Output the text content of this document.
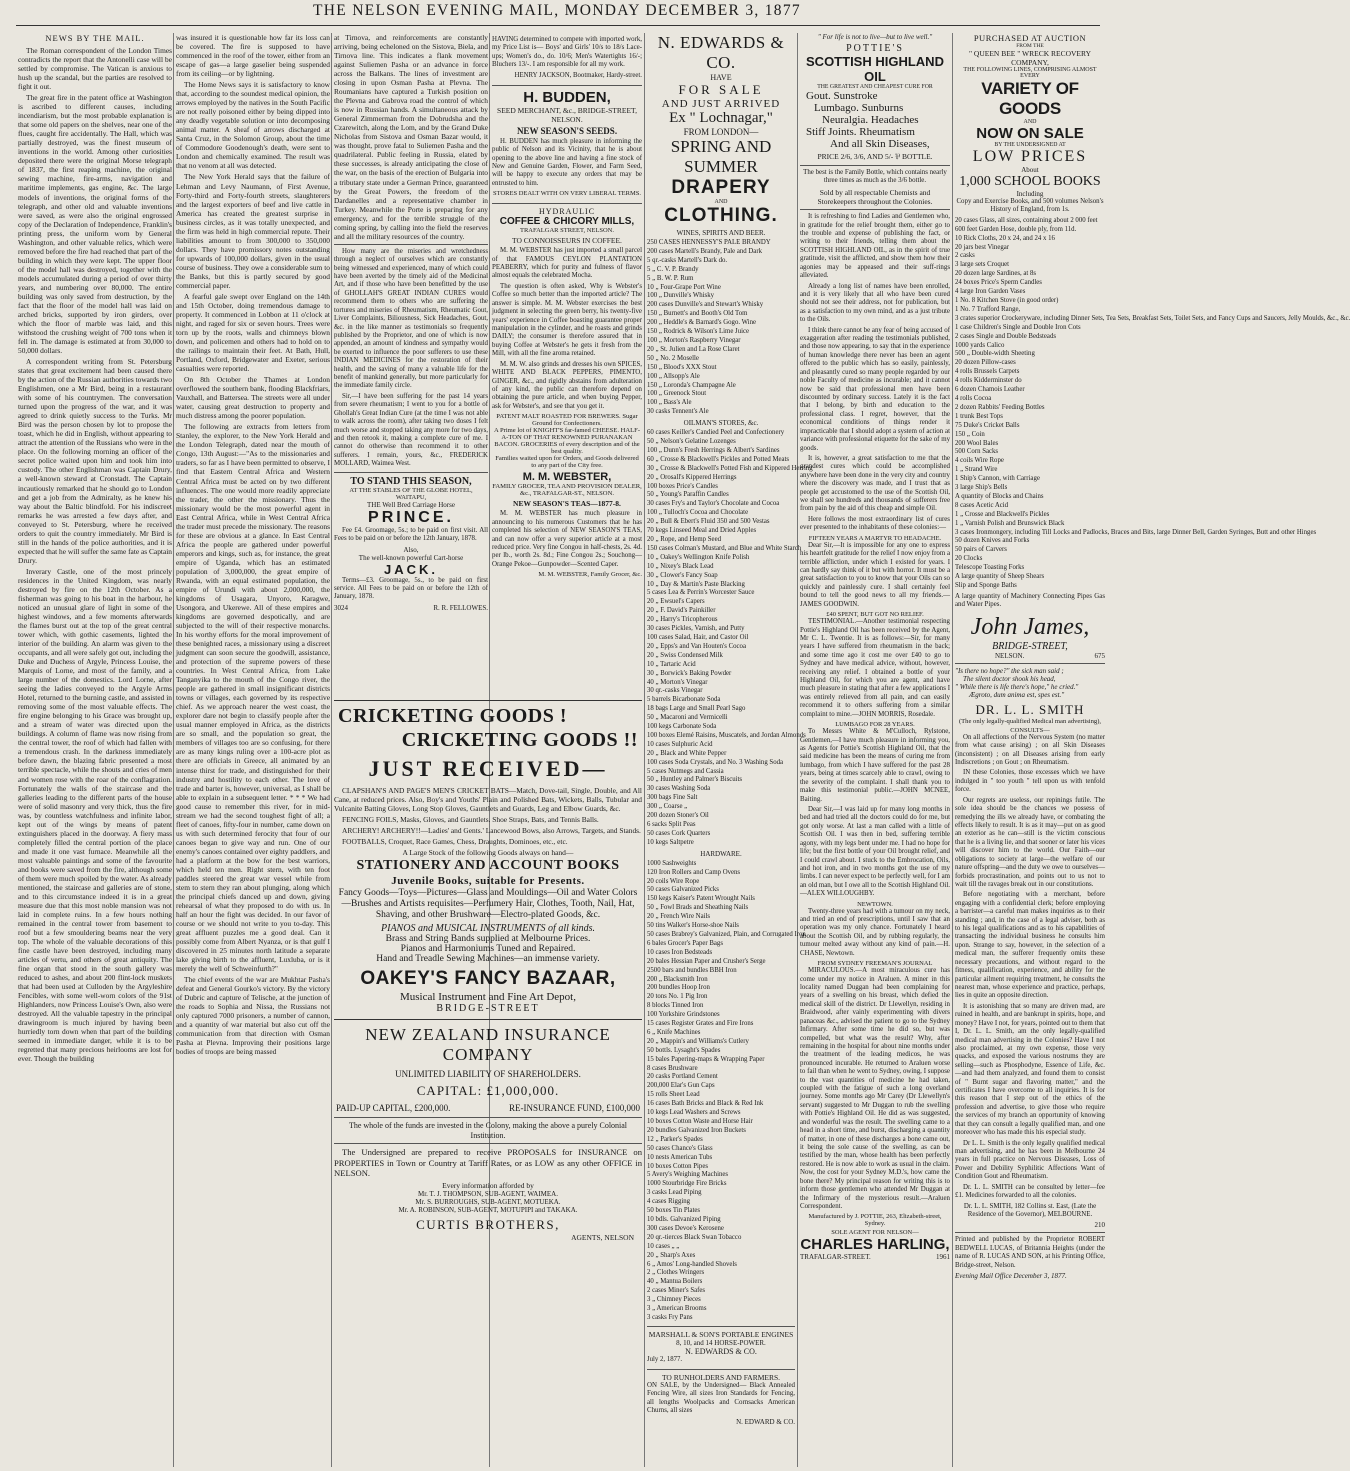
THE NELSON EVENING MAIL, MONDAY DECEMBER 3, 1877
NEWS BY THE MAIL.

The Roman correspondent of the London Times contradicts the report that the Antonelli case will be settled by compromise. The Vatican is anxious to hush up the scandal, but the parties are resolved to fight it out.

The great fire in the patent office at Washington is ascribed to different causes, including incendiarism, but the most probable explanation is that some old papers on the shelves, near one of the flues, caught fire accidentally. The Hall, which was partially destroyed, was the finest museum of inventions in the world. Among other curiosities deposited there were the original Morse telegraph of 1837, the first reaping machine, the original sewing machine, fire-arms, navigation and maritime implements, gas engine, &c. The large models of inventions, the original forms of the telegraph, and other old and valuable inventions were saved, as were also the original engrossed copy of the Declaration of Independence, Franklin's printing press, the uniform worn by General Washington, and other valuable relics, which were removed before the fire had reached that part of the building in which they were kept. The upper floor of the model hall was destroyed, together with the models accumulated during a period of over thirty years, and numbering over 80,000. The entire building was only saved from destruction, by the fact that the floor of the model hall was laid on arched bricks, supported by iron girders, over which the floor of marble was laid, and this withstood the crushing weight of 700 tons when it fell in. The damage is estimated at from 30,000 to 50,000 dollars.

A correspondent writing from St. Petersburg states that great excitement had been caused there by the action of the Russian authorities towards two Englishmen, one a Mr Bird, being in a restaurant with some of his countrymen. The conversation turned upon the progress of the war, and it was agreed to drink quietly success to the Turks. Mr Bird was the person chosen by lot to propose the toast, which he did in English, without appearing to attract the attention of the Russians who were in the place. On the following morning an officer of the secret police waited upon him and took him into custody. The other Englishman was Captain Drury, a well-known steward at Cronstadt. The Captain incautiously remarked that he should go to London and get a job from the Admiralty, as he knew his way about the Baltic blindfold. For his indiscreet remarks he was arrested a few days after, and conveyed to St. Petersburg, where he received orders to quit the country immediately. Mr Bird is still in the hands of the police authorities, and it is expected that he will suffer the same fate as Captain Drury.

Inverary Castle, one of the most princely residences in the United Kingdom, was nearly destroyed by fire on the 12th October. As a fisherman was going to his boat in the harbour, he noticed an unusual glare of light in some of the highest windows, and a few moments afterwards the flames burst out at the top of the great central tower which, with gothic casements, lighted the interior of the building. An alarm was given to the occupants, and all were safely got out, including the Duke and Duchess of Argyle, Princess Louise, the Marquis of Lorne, and most of the family, and a large number of the domestics. Lord Lorne, after seeing the ladies conveyed to the Argyle Arms Hotel, returned to the burning castle, and assisted in removing some of the most valuable effects. The fire engine belonging to his Grace was brought up, and a stream of water was directed upon the buildings. A column of flame was now rising from the central tower, the roof of which had fallen with a tremendous crash. In the darkness immediately before dawn, the blazing fabric presented a most terrible spectacle, while the shouts and cries of men and women rose with the roar of the conflagration. Fortunately the walls of the staircase and the galleries leading to the different parts of the house were of solid masonry and very thick, thus the fire was, by countless watchfulness and infinite labor, kept out of the wings by means of patent extinguishers placed in the doorway. A fiery mass completely filled the central portion of the place and made it one vast furnace. Meanwhile all the most valuable paintings and some of the favourite and books were saved from the fire, although some of them were much spoiled by the water. As already mentioned, the staircase and galleries are of stone, and to this circumstance indeed it is in a great measure due that this most noble mansion was not laid in complete ruins. In a few hours nothing remained in the central tower from basement to roof but a few smouldering beams near the very top. The whole of the valuable decorations of this fine castle have been destroyed, including many articles of vertu, and others of great antiquity. The fine organ that stood in the south gallery was reduced to ashes, and about 200 flint-lock muskets that had been used at Culloden by the Argyleshire Fencibles, with some well-worn colors of the 91st Highlanders, now Princess Louise's Own, also were destroyed. All the valuable tapestry in the principal drawingroom is much injured by having been hurriedly torn down when that part of the building seemed in immediate danger, while it is to be regretted that many precious heirlooms are lost for ever. Though the building

was insured it is questionable how far its loss can be covered. The fire is supposed to have commenced in the roof of the tower, either from an escape of gas—a large gaselier being suspended from its ceiling—or by lightning.

The Home News says it is satisfactory to know that, according to the soundest medical opinion, the arrows employed by the natives in the South Pacific are not really poisoned either by being dipped into any deadly vegetable solution or into decomposing animal matter. A sheaf of arrows discharged at Santa Cruz, in the Solomon Group, about the time of Commodore Goodenough's death, were sent to London and chemically examined. The result was that no venom at all was detected.

The New York Herald says that the failure of Lehman and Levy Naumann, of First Avenue, Forty-third and Forty-fourth streets, slaughterers and the largest exporters of beef and live cattle in America has created the greatest surprise in business circles, as it was totally unexpected, and the firm was held in high commercial repute. Their liabilities amount to from 300,000 to 350,000 dollars. They have promissory notes outstanding for upwards of 100,000 dollars, given in the usual course of business. They owe a considerable sum to the Banks, but this is partly secured by good commercial paper.

A fearful gale swept over England on the 14th and 15th October, doing tremendous damage to property. It commenced in Lobbon at 11 o'clock at night, and raged for six or seven hours. Trees were torn up by the roots, walls and chimneys blown down, and policemen and others had to hold on to the railings to maintain their feet. At Bath, Hull, Portland, Oxford, Bridgewater and Exeter, serious casualties were reported.

On 8th October the Thames at London overflowed the southern bank, flooding Blackfriars, Vauxhall, and Battersea. The streets were all under water, causing great destruction to property and much distress among the poorer population.

The following are extracts from letters from Stanley, the explorer, to the New York Herald and the London Telegraph, dated near the mouth of Congo, 13th August:—"As to the missionaries and traders, so far as I have been permitted to observe, I find that Eastern Central Africa and Western Central Africa must be acted on by two different influences. The one would more readily appreciate the trader, the other the missionary. Thus the missionary would be the most powerful agent in East Central Africa, while in West Central Africa the trader must precede the missionary. The reasons for these are obvious at a glance. In East Central Africa the people are gathered under powerful emperors and kings, such as, for instance, the great empire of Uganda, which has an estimated population of 3,000,000, the great empire of Rwanda, with an equal estimated population, the empire of Urundi with about 2,000,000, the kingdoms of Usagara, Unyoro, Karagwe, Usongora, and Ukerewe. All of these empires and kingdoms are governed despotically, and are subjected to the will of their respective monarchs. In his worthy efforts for the moral improvement of these benighted races, a missionary using a discreet judgment can soon secure the goodwill, assistance, and protection of the supreme powers of these countries. In West Central Africa, from Lake Tanganyika to the mouth of the Congo river, the people are gathered in small insignificant districts towns or villages, each governed by its respective chief. As we approach nearer the west coast, the explorer dare not begin to classify people after the usual manner employed in Africa, as the districts are so small, and the population so great, the members of villages too are so confusing, for there are as many kings ruling over a 100-acre plot as there are officials in Greece, all animated by an intense thirst for trade, and distinguished for their industry and hostility to each other. The love of trade and barter is, however, universal, as I shall be able to explain in a subsequent letter. * * * We had good cause to remember this river, for in mid-stream we had the second toughest fight of all; a fleet of canoes, fifty-four in number, came down on us with such determined ferocity that four of our canoes began to give way and run. One of our enemy's canoes contained over eighty paddlers, and had a platform at the bow for the best warriors, which held ten men. Right stern, with ten foot paddles steered the great war vessel while from stem to stern they ran about plunging, along which the principal chiefs danced up and down, giving rehearsal of what they proposed to do with us. In half an hour the fight was decided. In our favor of course or we should not write to you to-day. This great affluent puzzles me a good deal. Can it possibly come from Albert Nyanza, or is that gulf I discovered in 25 minutes north latitude a separate lake giving birth to the affluent, Luxluba, or is it merely the well of Schweinfurth?"

The chief events of the war are Mukhtar Pasha's defeat and General Gourko's victory. By the victory of Dubric and capture of Telische, at the junction of the roads to Sophia and Nissa, the Russians not only captured 7000 prisoners, a number of cannon, and a quantity of war material but also cut off the communication from that direction with Osman Pasha at Plevna. Improving their positions large bodies of troops are being massed

at Tirnova, and reinforcements are constantly arriving, being echeloned on the Sistova, Biela, and Tirnova line. This indicates a flank movement against Suliemen Pasha or an advance in force across the Balkans. The lines of investment are closing in upon Osman Pasha at Plevna. The Roumanians have captured a Turkish position on the Plevna and Gabrova road the control of which is now in Russian hands. A simultaneous attack by General Zimmerman from the Dobrudsha and the Czarewitch, along the Lom, and by the Grand Duke Nicholas from Sistova and Osman Bazar would, it was thought, prove fatal to Suliemen Pasha and the quadrilateral. Public feeling in Russia, elated by these successes, is already anticipating the close of the war, on the basis of the erection of Bulgaria into a tributary state under a German Prince, guaranteed by the Great Powers, the freedom of the Dardanelles and a representative chamber in Turkey. Meanwhile the Porte is preparing for any emergency, and for the terrible struggle of the coming spring, by calling into the field the reserves and all the military resources of the country.

How many are the miseries and wretchedness through a neglect of ourselves which are constantly being witnessed and experienced, many of which could have been averted by the timely aid of the Medicinal Art, and if those who have been benefitted by the use of GHOLLAH'S GREAT INDIAN CURES would recommend them to others who are suffering the tortures and miseries of Rheumatism, Rheumatic Gout, Liver Complaints, Biliousness, Sick Headaches, Gout, &c. in the like manner as testimonials so frequently published by the Proprietor, and one of which is now appended, an amount of kindness and sympathy would be exerted to influence the poor sufferers to use these INDIAN MEDICINES for the restoration of their health, and the saving of many a valuable life for the benefit of mankind generally, but more particularly for the immediate family circle.

Sir,—I have been suffering for the past 14 years from severe rheumatism; I went to you for a bottle of Ghollah's Great Indian Cure (at the time I was not able to walk across the room), after taking two doses I felt much worse and stopped taking any more for two days, and then retook it, making a complete cure of me. I cannot do otherwise than recommend it to other sufferers. I remain, yours, &c., FREDERICK MOLLARD, Waimea West.

TO STAND THIS SEASON,
AT THE STABLES OF THE GLOBE HOTEL, WAITAPU,
THE Well Bred Carriage Horse
PRINCE.
Fee £4. Groomage, 5s.; to be paid on first visit. All Fees to be paid on or before the 12th January, 1878.
Also,
The well-known powerful Cart-horse
JACK.
Terms—£3. Groomage, 5s., to be paid on first service. All Fees to be paid on or before the 12th of January, 1878.
3024	R. R. FELLOWES.
HAVING determined to compete with imported work, my Price List is— Boys' and Girls' 10/s to 18/s Lace-ups; Women's do., do. 10/6; Men's Watertights 16/-; Bluchers 13/-. I am responsible for all my work.
HENRY JACKSON, Bootmaker, Hardy-street.
H. BUDDEN,
SEED MERCHANT, &c., BRIDGE-STREET, NELSON.
NEW SEASON'S SEEDS.
H. BUDDEN has much pleasure in informing the public of Nelson and its Vicinity, that he is about opening to the above line and having a fine stock of New and Genuine Garden, Flower, and Farm Seed, will be happy to execute any orders that may be entrusted to him.
STORES DEALT WITH ON VERY LIBERAL TERMS.
HYDRAULIC
COFFEE & CHICORY MILLS,
TRAFALGAR STREET, NELSON.
TO CONNOISSEURS IN COFFEE.
M. M. WEBSTER has just imported a small parcel of that FAMOUS CEYLON PLANTATION PEABERRY, which for purity and fulness of flavor almost equals the celebrated Mocha.
The question is often asked, Why is Webster's Coffee so much better than the imported article? The answer is simple. M. M. Webster exercises the best judgment in selecting the green berry, his twenty-five years' experience in Coffee boasting guarantee proper manipulation in the cylinder, and he roasts and grinds DAILY; the consumer is therefore assured that in buying Coffee at Webster's he gets it fresh from the Mill, with all the fine aroma retained.
M. M. W. also grinds and dresses his own SPICES, WHITE AND BLACK PEPPERS, PIMENTO, GINGER, &c., and rigidly abstains from adulteration of any kind, the public can therefore depend on obtaining the pure article, and when buying Pepper, ask for Webster's, and see that you get it.
PATENT MALT ROASTED FOR BREWERS. Sugar Ground for Confectioners.
A Prime lot of KNIGHT'S far-famed CHEESE. HALF-A-TON OF THAT RENOWNED PURANAKAN BACON. GROCERIES of every description and of the best quality.
Families waited upon for Orders, and Goods delivered to any part of the City free.
M. M. WEBSTER,
FAMILY GROCER, TEA AND PROVISION DEALER, &c., TRAFALGAR-ST., NELSON.
NEW SEASON'S TEAS—1877-8.
M. M. WEBSTER has much pleasure in announcing to his numerous Customers that he has completed his selection of NEW SEASON'S TEAS, and can now offer a very superior article at a most reduced price. Very fine Congou in half-chests, 2s. 4d. per lb., worth 2s. 8d.; Fine Congou 2s.; Souchong—Orange Pekoe—Gunpowder—Scented Caper.
M. M. WEBSTER, Family Grocer, &c.
CRICKETING GOODS !
CRICKETING GOODS !!
JUST RECEIVED—

CLAPSHAN'S AND PAGE'S MEN'S CRICKET BATS—Match, Dove-tail, Single, Double, and All Cane, at reduced prices. Also, Boy's and Youths' Plain and Polished Bats, Wickets, Balls, Tubular and Vulcanite Batting Gloves, Long Stop Gloves, Gauntlets and Guards, Leg and Elbow Guards, &c.

FENCING FOILS, Masks, Gloves, and Gauntlets. Shoe Straps, Bats, and Tennis Balls.

ARCHERY! ARCHERY!!—Ladies' and Gents.' Lancewood Bows, also Arrows, Targets, and Stands.

FOOTBALLS, Croquet, Race Games, Chess, Draughts, Dominoes, etc., etc.

A Large Stock of the following Goods always on hand—
STATIONERY AND ACCOUNT BOOKS
Juvenile Books, suitable for Presents.
Fancy Goods—Toys—Pictures—Glass and Mouldings—Oil and Water Colors—Brushes and Artists requisites—Perfumery Hair, Clothes, Tooth, Nail, Hat, Shaving, and other Brushware—Electro-plated Goods, &c.
PIANOS and MUSICAL INSTRUMENTS of all kinds.
Brass and String Bands supplied at Melbourne Prices.
Pianos and Harmoniums Tuned and Repaired.
Hand and Treadle Sewing Machines—an immense variety.
OAKEY'S FANCY BAZAAR,
Musical Instrument and Fine Art Depot,
BRIDGE-STREET
NEW ZEALAND INSURANCE COMPANY
UNLIMITED LIABILITY OF SHAREHOLDERS.
CAPITAL: £1,000,000.
PAID-UP CAPITAL, £200,000.	RE-INSURANCE FUND, £100,000

The whole of the funds are invested in the Colony, making the above a purely Colonial Institution.

The Undersigned are prepared to receive PROPOSALS for INSURANCE on PROPERTIES in Town or Country at Tariff Rates, or as LOW as any other OFFICE in NELSON.

Every information afforded by
Mr. T. J. THOMPSON, SUB-AGENT, WAIMEA.
Mr. S. BURROUGHS, SUB-AGENT, MOTUEKA.
Mr. A. ROBINSON, SUB-AGENT, MOTUPIPI and TAKAKA.
CURTIS BROTHERS,
AGENTS, NELSON
N. EDWARDS & CO.
HAVE
FOR SALE
AND JUST ARRIVED
Ex " Lochnagar,"
FROM LONDON—
SPRING AND SUMMER
DRAPERY
AND
CLOTHING.
WINES, SPIRITS AND BEER.
250 CASES HENNESSY'S PALE BRANDY
200 cases Martell's Brandy, Pale and Dark
5 qr.-casks Martell's Dark do.
5 „ C. V. P. Brandy
5 „ B. W. P. Rum
10 „ Four-Grape Port Wine
100 „ Dunville's Whisky
200 cases Dunville's and Stewart's Whisky
150 „ Burnett's and Booth's Old Tom
200 „ Heddle's & Barnard's Gogo. Wine
150 „ Rodrick & Wilson's Lime Juice
100 „ Morton's Raspberry Vinegar
20 „ St. Julien and La Rose Claret
50 „ No. 2 Moselle
150 „ Blood's XXX Stout
100 „ Allsopp's Ale
150 „ Loronda's Champagne Ale
100 „ Greenock Stout
100 „ Bass's Ale
30 casks Tennent's Ale
OILMAN'S STORES, &c.
60 cases Keiller's Candied Peel and Confectionery
50 „ Nelson's Gelatine Lozenges
100 „ Dunn's Fresh Herrings & Albert's Sardines
60 „ Crosse & Blackwell's Pickles and Potted Meats
30 „ Crosse & Blackwell's Potted Fish and Kippered Herring
20 „ Orosall's Kippered Herrings
100 boxes Price's Candles
50 „ Young's Paraffin Candles
30 cases Fry's and Taylor's Chocolate and Cocoa
100 „ Tulloch's Cocoa and Chocolate
20 „ Bull & Ebert's Fluid 350 and 500 Vestas
70 kegs Linseed Meal and Dried Apples
20 „ Rope, and Hemp Seed
150 cases Colman's Mustard, and Blue and White Starch
10 „ Oakey's Wellington Knife Polish
10 „ Nixey's Black Lead
30 „ Clower's Fancy Soap
10 „ Day & Martin's Paste Blacking
5 cases Lea & Perrin's Worcester Sauce
20 „ Ewsuel's Capers
20 „ F. David's Painkiller
20 „ Harry's Tricopherous
30 cases Pickles, Varnish, and Putty
100 cases Salad, Hair, and Castor Oil
20 „ Epps's and Van Houten's Cocoa
20 „ Swiss Condensed Milk
10 „ Tartaric Acid
30 „ Borwick's Baking Powder
40 „ Morton's Vinegar
30 qr.-casks Vinegar
5 barrels Bicarbonate Soda
18 bags Large and Small Pearl Sago
50 „ Macaroni and Vermicelli
100 kegs Carbonate Soda
100 boxes Elemé Raisins, Muscatels, and Jordan Almonds
10 cases Sulphuric Acid
20 „ Black and White Pepper
100 cases Soda Crystals, and No. 3 Washing Soda
5 cases Nutmegs and Cassia
50 „ Huntley and Palmer's Biscuits
30 cases Washing Soda
300 bags Fine Salt
300 „ Coarse „
200 dozen Stoner's Oil
6 sacks Split Peas
50 cases Cork Quarters
10 kegs Saltpetre
HARDWARE.
1000 Sashweights
120 Iron Rollers and Camp Ovens
20 coils Wire Rope
50 cases Galvanized Picks
150 kegs Kaiser's Patent Wrought Nails
50 „ Fowl Brads and Sheathing Nails
20 „ French Wire Nails
50 tins Walker's Horse-shoe Nails
50 cases Brabrey's Galvanized, Plain, and Corrugated Iron
6 bales Grocer's Paper Bags
10 cases Iron Bedsteads
20 bales Hessian Paper and Crusher's Serge
2500 bars and bundles BBH Iron
200 „ Blacksmith Iron
200 bundles Hoop Iron
20 tons No. 1 Pig Iron
8 blocks Tinned Iron
100 Yorkshire Grindstones
15 cases Register Grates and Fire Irons
6 „ Knife Machines
20 „ Mappin's and Williams's Cutlery
50 bottls. Lysaght's Spades
15 bales Papering-maps & Wrapping Paper
8 cases Brushware
20 casks Portland Cement
200,000 Elar's Gun Caps
15 rolls Sheet Lead
16 cases Bath Bricks and Black & Red Ink
10 kegs Lead Washers and Screws
10 boxes Cotton Waste and Horse Hair
20 bundles Galvanized Iron Buckets
12 „ Parker's Spades
50 cases Chance's Glass
10 nests American Tubs
10 boxes Cotton Pipes
5 Avery's Weighing Machines
1000 Stourbridge Fire Bricks
3 casks Lead Piping
4 cases Rigging
50 boxes Tin Plates
10 bdls. Galvanized Piping
300 cases Devoe's Kerosene
20 qr.-tierces Black Swan Tobacco
10 cases „ „
20 „ Sharp's Axes
6 „ Amos' Long-handled Shovels
2 „ Clothes Wringers
40 „ Mantua Boilers
2 cases Miner's Safes
3 „ Chimney Pieces
3 „ American Brooms
3 casks Fry Pans
MARSHALL & SON'S PORTABLE ENGINES
8, 10, and 14 HORSE-POWER.
N. EDWARDS & CO.
July 2, 1877.
TO RUNHOLDERS AND FARMERS.
ON SALE, by the Undersigned— Black Annealed Fencing Wire, all sizes Iron Standards for Fencing, all lengths Woolpacks and Cornsacks American Churns, all sizes
N. EDWARD & CO.
" For life is not to live—but to live well."
POTTIE'S
SCOTTISH HIGHLAND OIL
THE GREATEST AND CHEAPEST CURE FOR
Gout. Sunstroke
Lumbago. Sunburns
Neuralgia. Headaches
Stiff Joints. Rheumatism
And all Skin Diseases,
PRICE 2/6, 3/6, AND 5/- ⅌ BOTTLE.
The best is the Family Bottle, which contains nearly three times as much as the 3/6 bottle.
Sold by all respectable Chemists and Storekeepers throughout the Colonies.

It is refreshing to find Ladies and Gentlemen who, in gratitude for the relief brought them, either go to the trouble and expense of publishing the fact, or writing to their friends, telling them about the SCOTTISH HIGHLAND OIL, as in the spirit of true gratitude, visit the afflicted, and show them how their agonies may be appeased and their suff-rings alleviated.

Already a long list of names have been enrolled, and it is very likely that all who have been cured should not see their address, not for publication, but as a satisfaction to my own mind, and as a just tribute to the Oils.

I think there cannot be any fear of being accused of exaggeration after reading the testimonials published, and those now appearing, to say that in the experience of human knowledge there never has been an agent offered to the public which has so easily, painlessly, and pleasantly cured so many people regarded by our noble Faculty of medicine as incurable; and it cannot now be said that professional men have been discounted by ordinary success. Lately it is the fact that I belong, by birth and education to the professional class. I regret, however, that the economical conditions of things render it impracticable that I should adopt a system of action at variance with professional etiquette for the sake of my goods.

It is, however, a great satisfaction to me that the grandest cures which could be accomplished anywhere have been done in the very city and country where the discovery was made, and I trust that as people get accustomed to the use of the Scottish Oil, we shall see hundreds and thousands of sufferers free from pain by the aid of this cheap and simple Oil.

Here follows the most extraordinary list of cures ever presented to the inhabitants of these colonies:—

FIFTEEN YEARS A MARTYR TO HEADACHE.

Dear Sir,—It is impossible for any one to express his heartfelt gratitude for the relief I now enjoy from a terrible affliction, under which I existed for years. I can hardly say think of it but with horror. It must be a great satisfaction to you to know that your Oils can so quickly and painlessly cure. I shall certainly feel bound to tell the good news to all my friends.—JAMES GOODWIN.

£40 SPENT, BUT GOT NO RELIEF.

TESTIMONIAL.—Another testimonial respecting Pottie's Highland Oil has been received by the Agent, Mr C. L. Twentie. It is as follows:—Sir, for many years I have suffered from rheumatism in the back; and some time ago it cost me over £40 to go to Sydney and have medical advice, without, however, receiving any relief. I obtained a bottle of your Highland Oil, for which you are agent, and have much pleasure in stating that after a few applications I was entirely relieved from all pain, and can easily recommend it to others suffering from a similar complaint to mine.—JOHN MORRIS, Rosedale.

LUMBAGO FOR 28 YEARS.

To Messrs White & M'Culloch, Rylstone, Gentlemen,—I have much pleasure in informing you, as Agents for Pottie's Scottish Highland Oil, that the said medicine has been the means of curing me from lumbago, from which I have suffered for the past 28 years, being at times scarcely able to crawl, owing to the severity of the complaint. I shall thank you to make this testimonial public.—JOHN MCNEE, Baiting.

Dear Sir,—I was laid up for many long months in bed and had tried all the doctors could do for me, but got only worse. At last a man called with a little of Scottish Oil. I was then in bed, suffering terrible agony, with my legs bent under me. I had no hope for life; but the first bottle of your Oil brought relief, and I could crawl about. I stuck to the Embrocation, Oils, and hot iron, and in two months got the use of my limbs. I can never expect to be perfectly well, for I am an old man, but I owe all to the Scottish Highland Oil.—ALEX WILLOUGHBY.

NEWTOWN.

Twenty-three years had with a tumour on my neck, and tried an end of prescriptions, until I saw that an operation was my only chance. Fortunately I heard about the Scottish Oil, and by rubbing regularly, the tumour melted away without any kind of pain.—H. CHASE, Newtown.

FROM SYDNEY FREEMAN'S JOURNAL

MIRACULOUS.—A most miraculous cure has come under my notice in Araluen. A miner in this locality named Duggan had been complaining for years of a swelling on his breast, which defied the medical skill of the district. Dr Llewellyn, residing in Braidwood, after vainly experimenting with divers panaceas &c., advised the patient to go to the Sydney Infirmary. After some time he did so, but was compelled, but what was the result? Why, after remaining in the hospital for about nine months under the treatment of the leading medicos, he was pronounced incurable. He returned to Araluen worse to fail than when he went to Sydney, owing, I suppose to the vast quantities of medicine he had taken, coupled with the fatigue of such a long overland journey. Some months ago Mr Carey (Dr Llewellyn's servant) suggested to Mr Duggan to rub the swelling with Pottie's Highland Oil. He did as was suggested, and wonderful was the result. The swelling came to a head in a short time, and burst, discharging a quantity of matter, in one of these discharges a bone came out, it being the sole cause of the swelling, as can be testified by the man, whose health has been perfectly restored. He is now able to work as usual in the claim. Now, the cost for your Sydney M.D.'s, how came the bone there? My principal reason for writing this is to inform those gentlemen who attended Mr Duggan at the Infirmary of the mysterious result.—Araluen Correspondent.

Manufactured by J. POTTIE, 263, Elizabeth-street, Sydney.
SOLE AGENT FOR NELSON—
CHARLES HARLING,
TRAFALGAR-STREET.	1961
PURCHASED AT AUCTION
FROM THE
" QUEEN BEE " WRECK RECOVERY COMPANY,
THE FOLLOWING LINES, COMPRISING ALMOST EVERY
VARIETY OF GOODS
AND
NOW ON SALE
BY THE UNDERSIGNED AT
LOW PRICES
About
1,000 SCHOOL BOOKS
Including
Copy and Exercise Books, and 500 volumes Nelson's History of England, from 1s.
20 cases Glass, all sizes, containing about 2 000 feet
600 feet Garden Hose, double ply, from 11d.
10 Rick Cloths, 20 x 24, and 24 x 16
20 jars best Vinegar
2 casks
3 large sets Croquet
20 dozen large Sardines, at 8s
24 boxes Price's Sperm Candles
4 large Iron Garden Vases
1 No. 8 Kitchen Stove (in good order)
1 No. 7 Trafford Range,
3 crates superior Crockeryware, including Dinner Sets, Tea Sets, Breakfast Sets, Toilet Sets, and Fancy Cups and Saucers, Jelly Moulds, &c., &c.
1 case Children's Single and Double Iron Cots
2 cases Single and Double Bedsteads
1000 yards Calico
500 „ Double-width Sheeting
20 dozen Pillow-cases
4 rolls Brussels Carpets
4 rolls Kidderminster do
6 dozen Chamois Leather
4 rolls Cocoa
2 dozen Rabbits' Feeding Bottles
1 trunk Best Tops
75 Duke's Cricket Balls
150 „ Coin
200 Wool Bales
500 Corn Sacks
4 coils Wire Rope
1 „ Strand Wire
1 Ship's Cannon, with Carriage
3 large Ship's Bells
A quantity of Blocks and Chains
8 cases Acetic Acid
1 „ Crosse and Blackwell's Pickles
1 „ Varnish Polish and Brunswick Black
3 cases Ironmongery, including Till Locks and Padlocks, Braces and Bits, large Dinner Bell, Garden Syringes, Butt and other Hinges
50 dozen Knives and Forks
50 pairs of Carvers
20 Clocks
Telescope Toasting Forks
A large quantity of Sheep Shears
Slip and Sponge Baths
A large quantity of Machinery Connecting Pipes Gas and Water Pipes.
John James,
BRIDGE-STREET,
NELSON.	675
"Is there no hope?" the sick man said ;
The silent doctor shook his head,
" While there is life there's hope," he cried."
Ægroto, dum anima est, spes est."
DR. L. L. SMITH
(The only legally-qualified Medical man advertising),
CONSULTS—

On all affections of the Nervous System (no matter from what cause arising) ; on all Skin Diseases (inconsistent) ; on all Diseases arising from early Indiscretions ; on Gout ; on Rheumatism.

IN these Colonies, those excesses which we have indulged in " too youth " tell upon us with tenfold force.

Our regrets are useless, our repinings futile. The sole idea should be the chances we possess of remedying the ills we already have, or combating the effects likely to result. It is as it may—put on as good an exterior as he can—still is the victim conscious that he is a living lie, and that sooner or later his vices will discover him to the world. Our Faith—our obligations to society at large—the welfare of our nature offspring—and the duty we owe to ourselves—forbids procrastination, and points out to us not to wait till the ravages break out in our constitutions.

Before negotiating with a merchant, before engaging with a confidential clerk; before employing a barrister—a careful man makes inquiries as to their standing ; and, in the case of a legal adviser, both as to his legal qualifications and as to his capabilities of transacting the individual business he consults him upon. Strange to say, however, in the selection of a medical man, the sufferer frequently omits these necessary precautions, and without regard to the fitness, qualification, experience, and ability for the particular ailment requiring treatment, he consults the nearest man, whose experience and practice, perhaps, lies in quite an opposite direction.

It is astonishing that so many are driven mad, are ruined in health, and are bankrupt in spirits, hope, and money? Have I not, for years, pointed out to them that I, Dr. L. L. Smith, am the only legally-qualified medical man advertising in the Colonies? Have I not also proclaimed, at my own expense, those very quacks, and exposed the various nostrums they are selling—such as Phosphodyne, Essence of Life, &c.—and had them analyzed, and found them to consist of " Burnt sugar and flavoring matter," and the certificates I have overcome to all inquiries. It is for this reason that I step out of the ethics of the profession and advertise, to give those who require the services of my branch an opportunity of knowing that they can consult a legally qualified man, and one moreover who has made this his especial study.

Dr L. L. Smith is the only legally qualified medical man advertising, and he has been in Melbourne 24 years in full practice on Nervous Diseases, Loss of Power and Debility Syphilitic Affections Want of Condition Gout and Rheumatism.

Dr. L. L. SMITH can be consulted by letter—fee £1. Medicines forwarded to all the colonies.

Dr. L. L. SMITH, 182 Collins st. East, (Late the Residence of the Governor), MELBOURNE.

210

Printed and published by the Proprietor ROBERT BEDWELL LUCAS, of Britannia Heights (under the name of R. LUCAS AND SON, at his Printing Office, Bridge-street, Nelson.

Evening Mail Office December 3, 1877.
